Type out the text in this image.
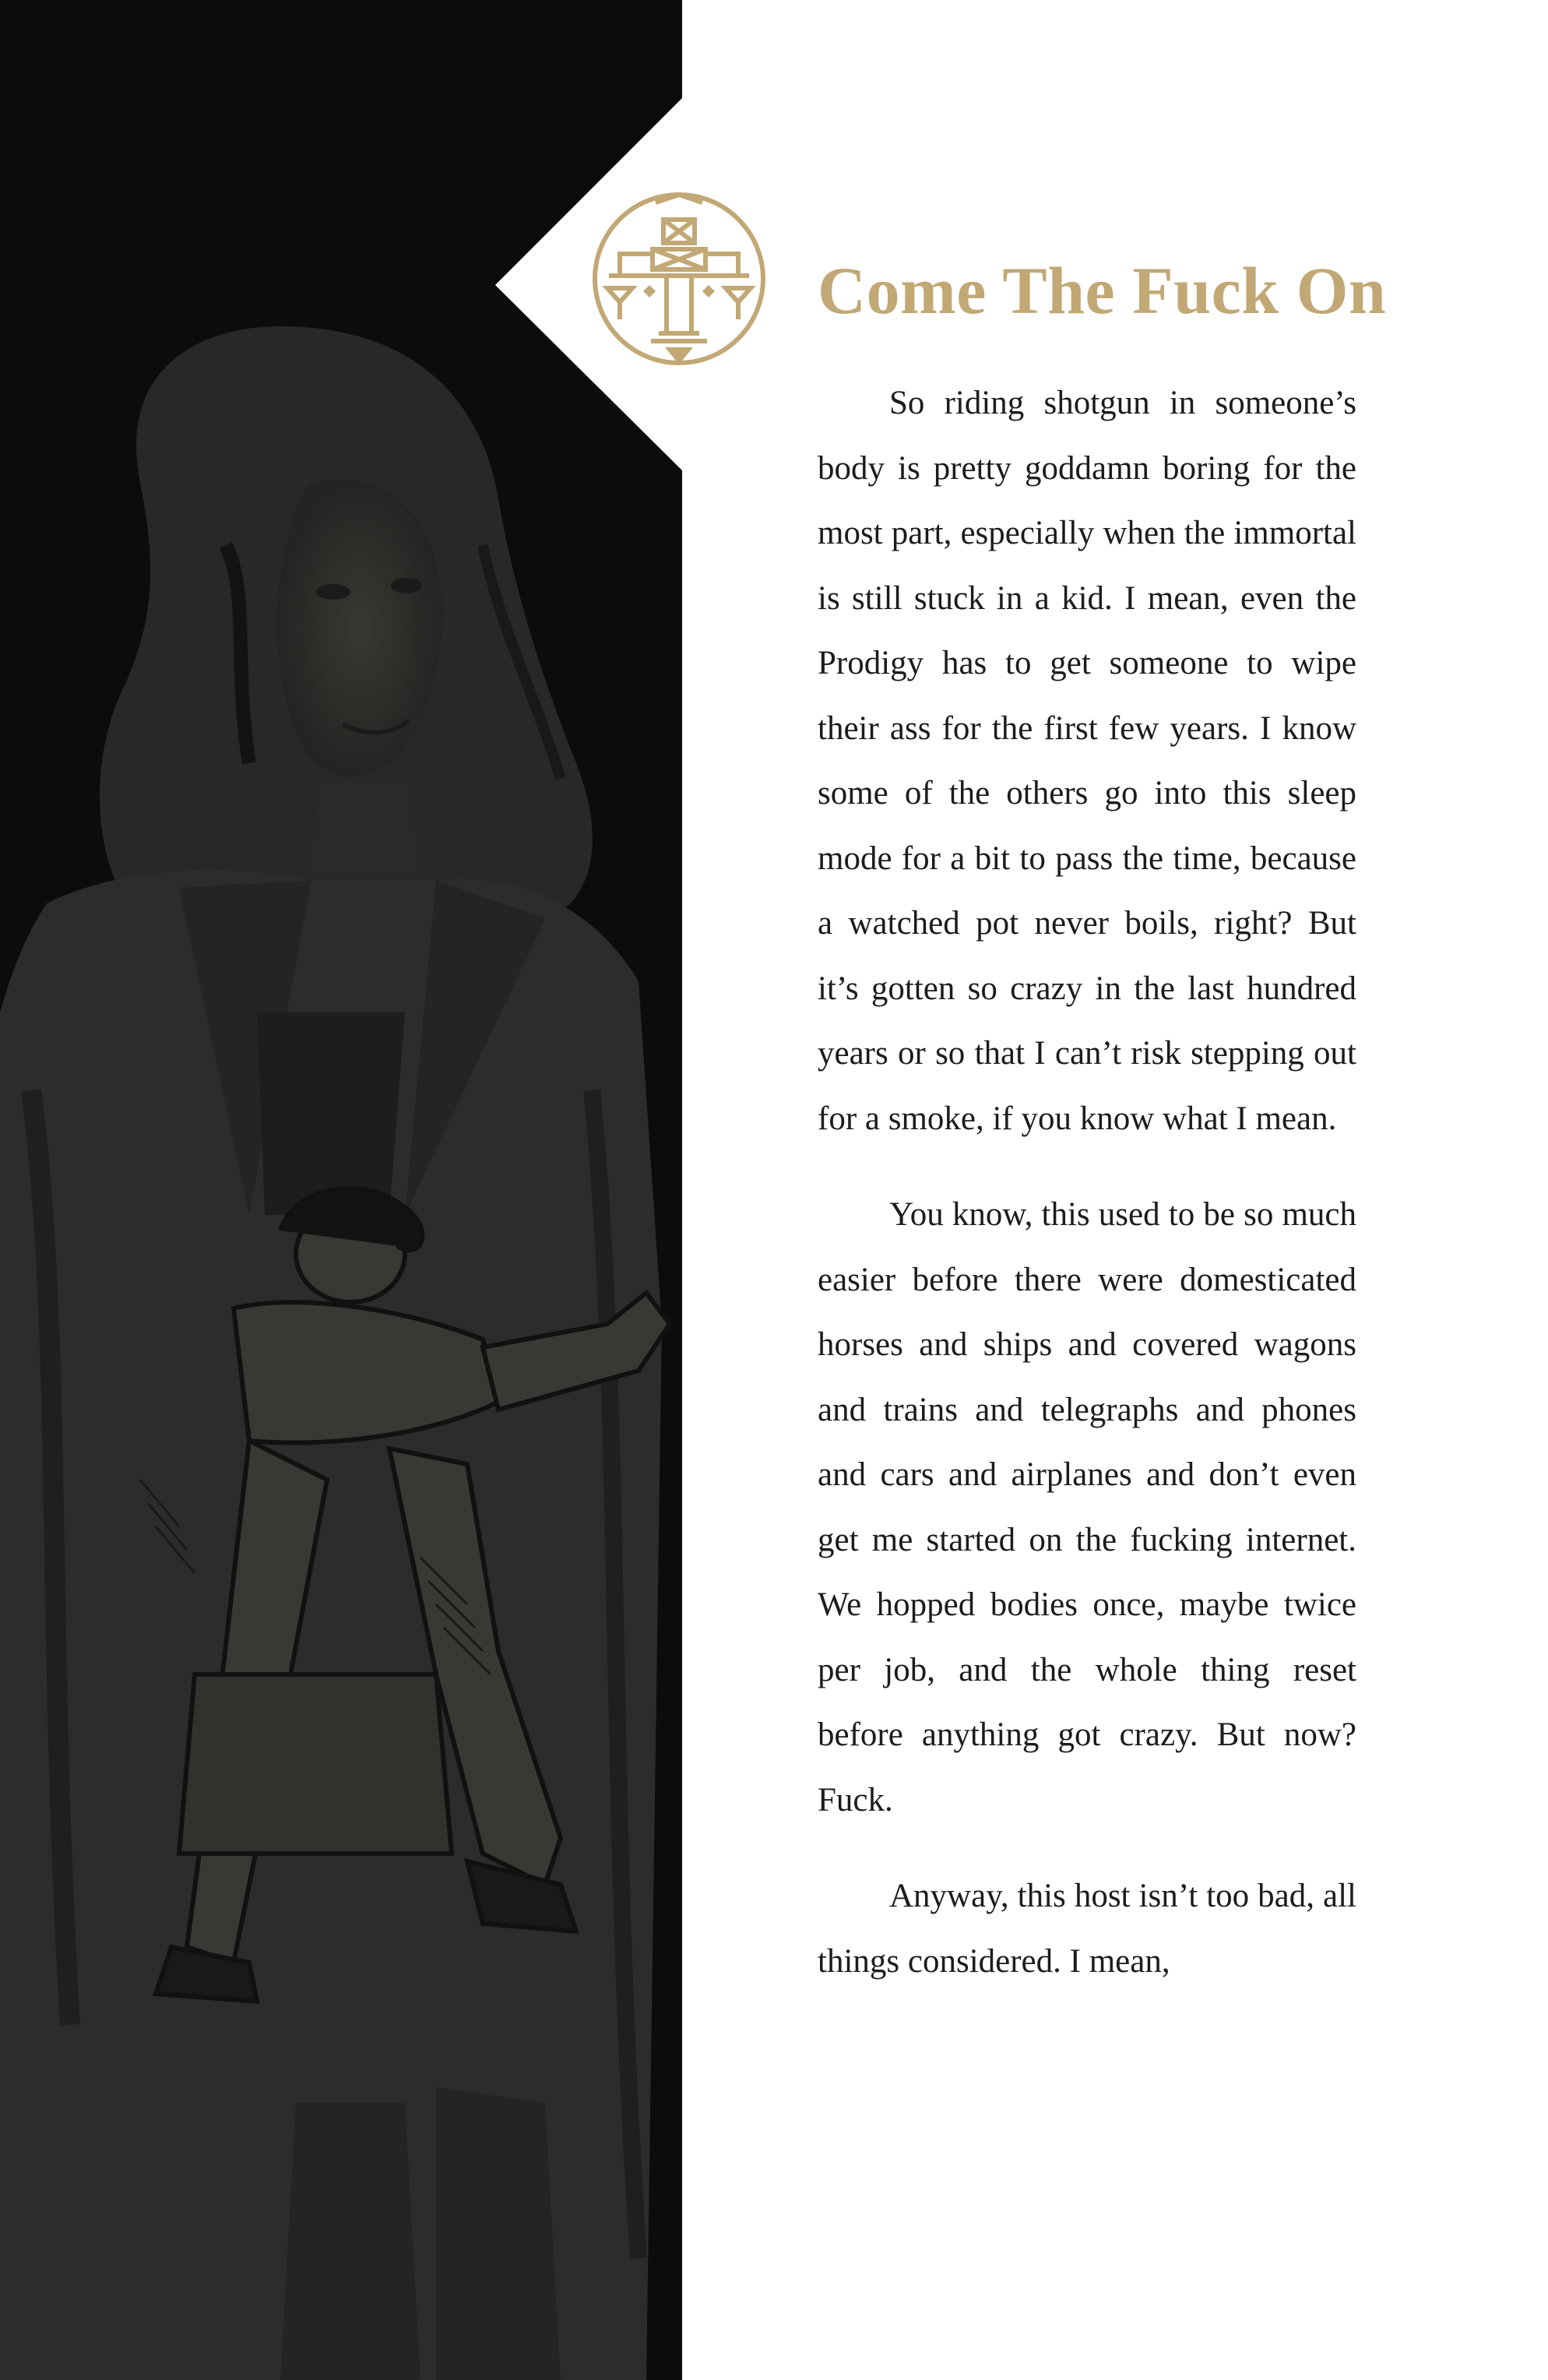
Come The Fuck On

So riding shotgun in someone’s body is pretty goddamn boring for the most part, especially when the immortal is still stuck in a kid. I mean, even the Prodigy has to get someone to wipe their ass for the first few years. I know some of the others go into this sleep mode for a bit to pass the time, because a watched pot never boils, right? But it’s gotten so crazy in the last hundred years or so that I can’t risk stepping out for a smoke, if you know what I mean.

You know, this used to be so much easier before there were domesticated horses and ships and covered wagons and trains and telegraphs and phones and cars and airplanes and don’t even get me started on the fucking internet. We hopped bodies once, maybe twice per job, and the whole thing reset before anything got crazy. But now? Fuck.

Anyway, this host isn’t too bad, all things considered. I mean,
